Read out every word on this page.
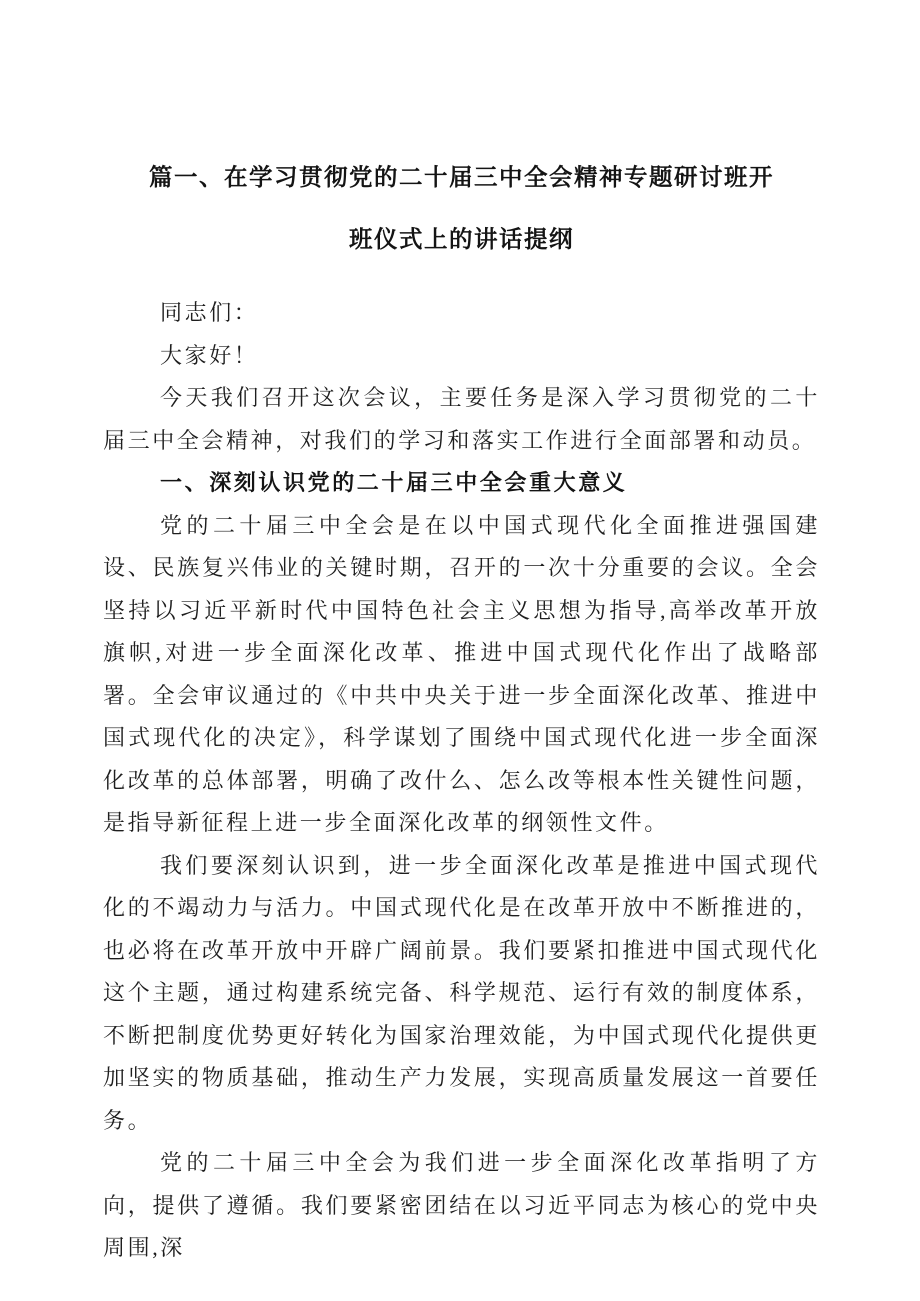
篇一、在学习贯彻党的二十届三中全会精神专题研讨班开
班仪式上的讲话提纲

同志们：

大家好！

今天我们召开这次会议，主要任务是深入学习贯彻党的二十届三中全会精神，对我们的学习和落实工作进行全面部署和动员。

一、深刻认识党的二十届三中全会重大意义

党的二十届三中全会是在以中国式现代化全面推进强国建设、民族复兴伟业的关键时期，召开的一次十分重要的会议。全会坚持以习近平新时代中国特色社会主义思想为指导,高举改革开放旗帜,对进一步全面深化改革、推进中国式现代化作出了战略部署。全会审议通过的《中共中央关于进一步全面深化改革、推进中国式现代化的决定》，科学谋划了围绕中国式现代化进一步全面深化改革的总体部署，明确了改什么、怎么改等根本性关键性问题，是指导新征程上进一步全面深化改革的纲领性文件。

我们要深刻认识到，进一步全面深化改革是推进中国式现代化的不竭动力与活力。中国式现代化是在改革开放中不断推进的，也必将在改革开放中开辟广阔前景。我们要紧扣推进中国式现代化这个主题，通过构建系统完备、科学规范、运行有效的制度体系，不断把制度优势更好转化为国家治理效能，为中国式现代化提供更加坚实的物质基础，推动生产力发展，实现高质量发展这一首要任务。

党的二十届三中全会为我们进一步全面深化改革指明了方向，提供了遵循。我们要紧密团结在以习近平同志为核心的党中央周围,深
